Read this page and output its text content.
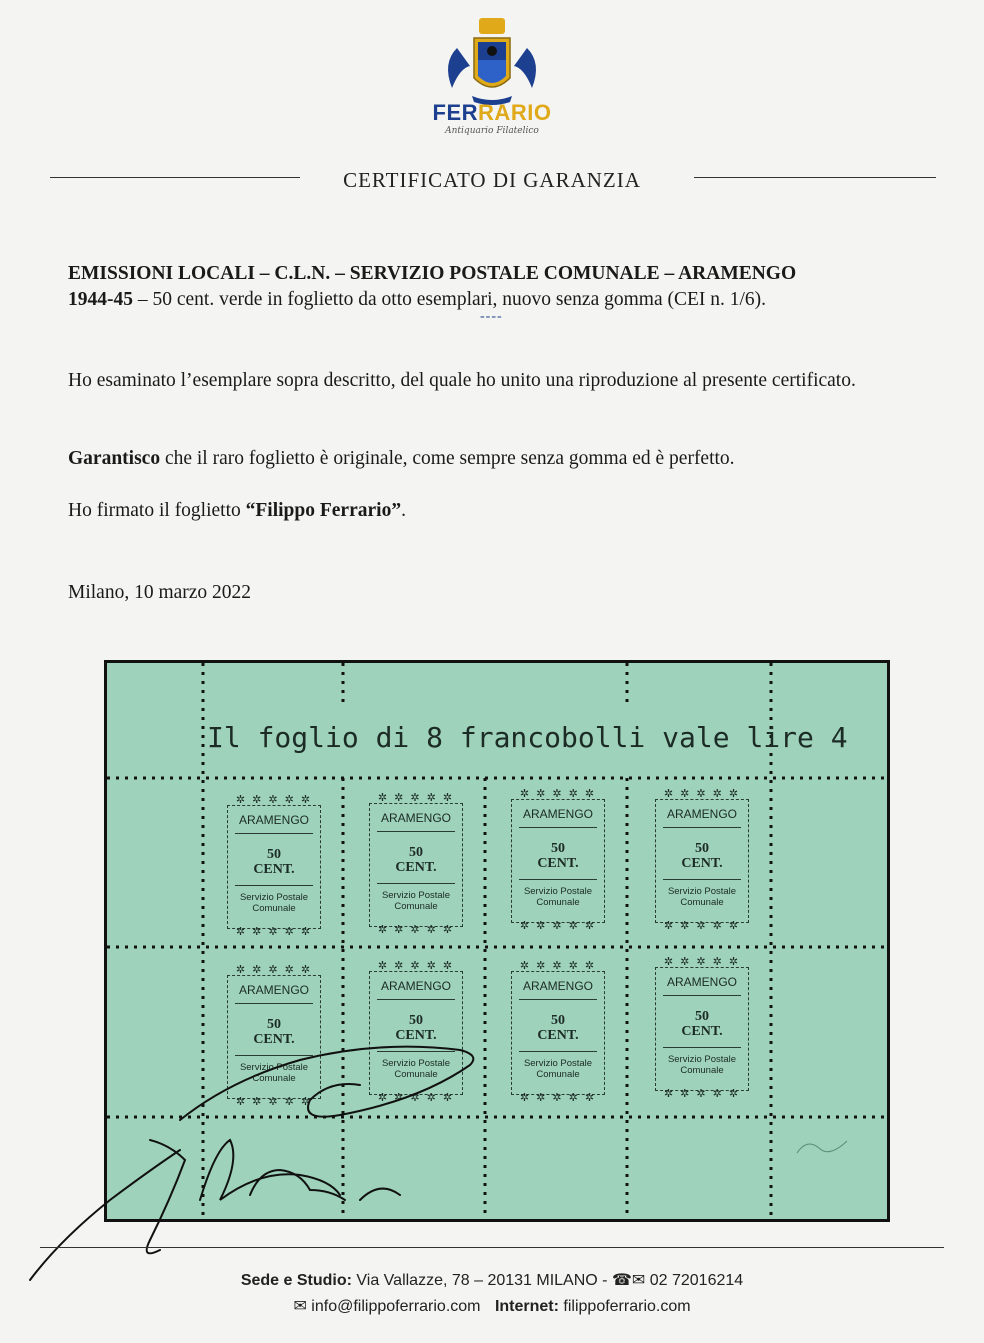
FERRARIO
Antiquario Filatelico
CERTIFICATO DI GARANZIA
EMISSIONI LOCALI – C.L.N. – SERVIZIO POSTALE COMUNALE – ARAMENGO
1944-45 – 50 cent. verde in foglietto da otto esemplari, nuovo senza gomma (CEI n. 1/6).
----
Ho esaminato l’esemplare sopra descritto, del quale ho unito una riproduzione al presente certificato.
Garantisco che il raro foglietto è originale, come sempre senza gomma ed è perfetto.
Ho firmato il foglietto “Filippo Ferrario”.
Milano, 10 marzo 2022
Il foglio di 8 francobolli vale lire 4
✲ ✲ ✲ ✲ ✲
ARAMENGO
50
CENT.
Servizio Postale
Comunale
✲ ✲ ✲ ✲ ✲
✲ ✲ ✲ ✲ ✲
ARAMENGO
50
CENT.
Servizio Postale
Comunale
✲ ✲ ✲ ✲ ✲
✲ ✲ ✲ ✲ ✲
ARAMENGO
50
CENT.
Servizio Postale
Comunale
✲ ✲ ✲ ✲ ✲
✲ ✲ ✲ ✲ ✲
ARAMENGO
50
CENT.
Servizio Postale
Comunale
✲ ✲ ✲ ✲ ✲
✲ ✲ ✲ ✲ ✲
ARAMENGO
50
CENT.
Servizio Postale
Comunale
✲ ✲ ✲ ✲ ✲
✲ ✲ ✲ ✲ ✲
ARAMENGO
50
CENT.
Servizio Postale
Comunale
✲ ✲ ✲ ✲ ✲
✲ ✲ ✲ ✲ ✲
ARAMENGO
50
CENT.
Servizio Postale
Comunale
✲ ✲ ✲ ✲ ✲
✲ ✲ ✲ ✲ ✲
ARAMENGO
50
CENT.
Servizio Postale
Comunale
✲ ✲ ✲ ✲ ✲
Sede e Studio: Via Vallazze, 78 – 20131 MILANO - ☎✉ 02 72016214
✉ info@filippoferrario.com Internet: filippoferrario.com
